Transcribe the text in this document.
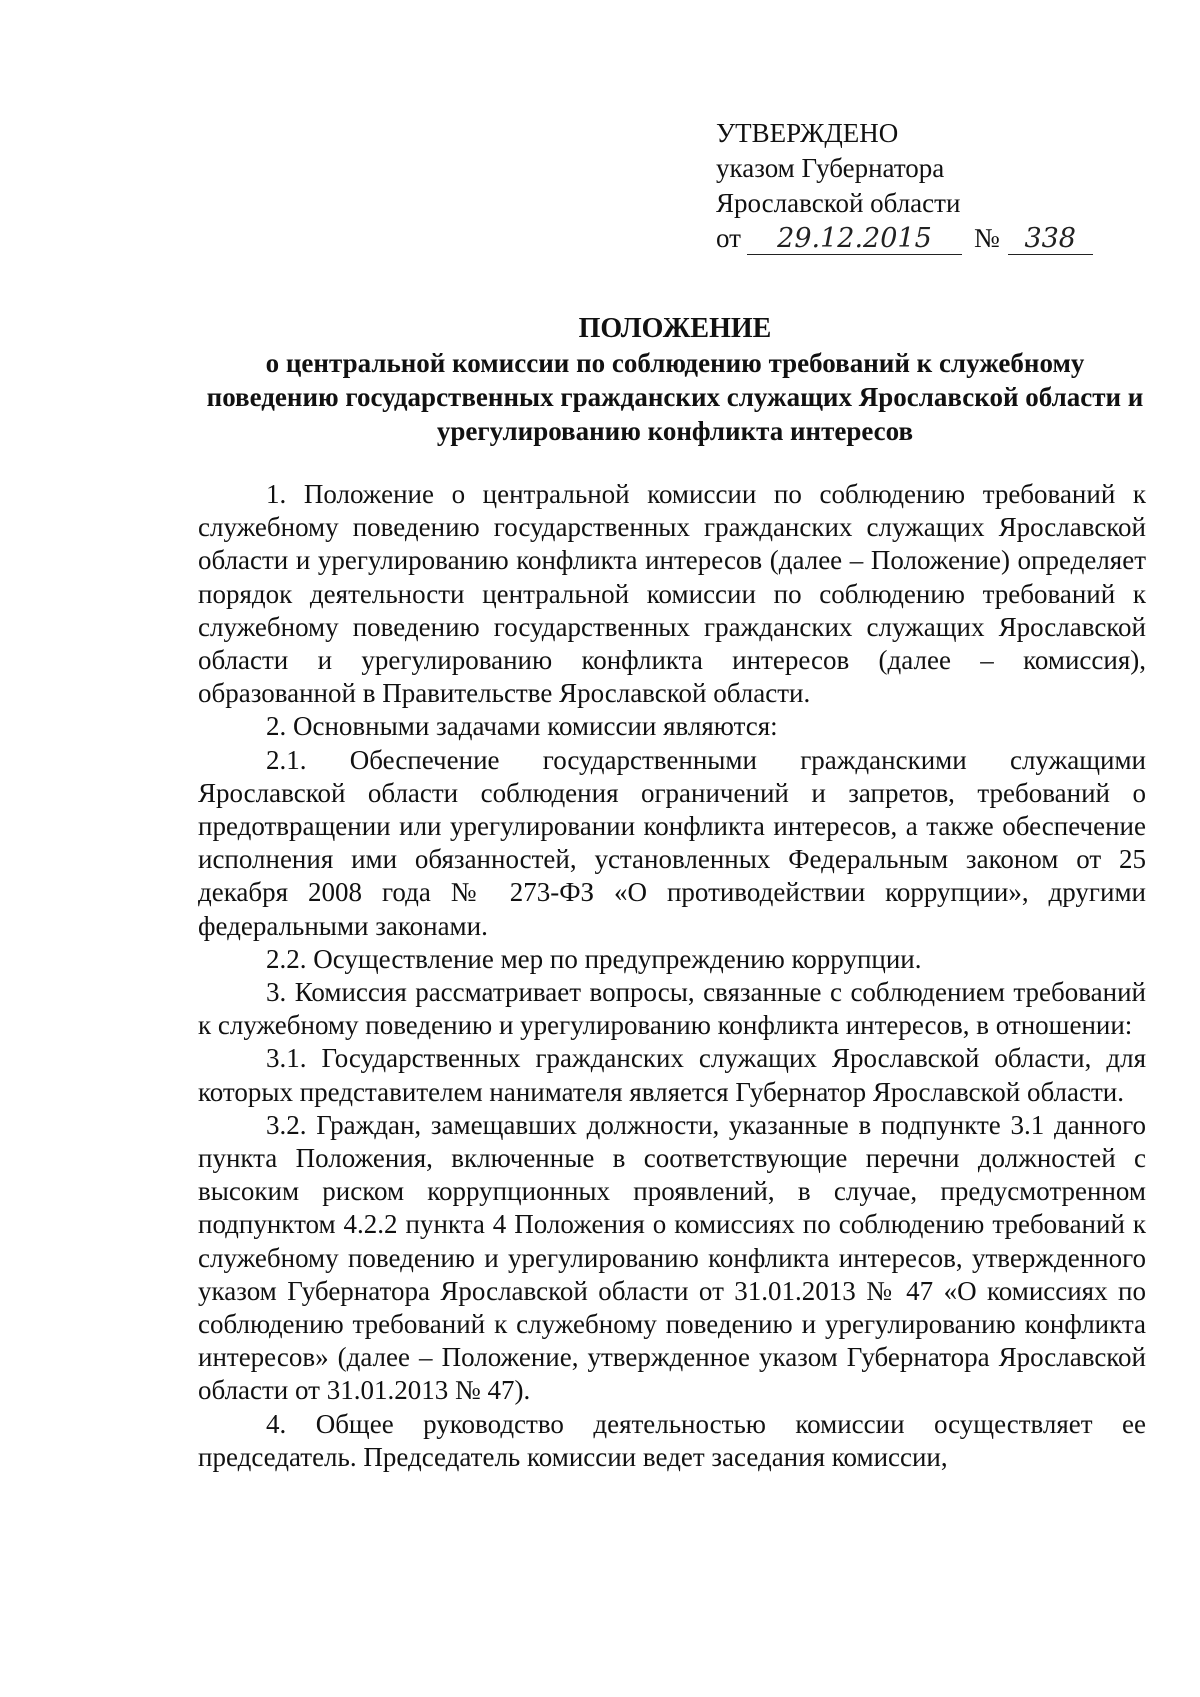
УТВЕРЖДЕНО
указом Губернатора
Ярославской области
от 29.12.2015 № 338
ПОЛОЖЕНИЕ
о центральной комиссии по соблюдению требований к служебному поведению государственных гражданских служащих Ярославской области и урегулированию конфликта интересов

1. Положение о центральной комиссии по соблюдению требований к служебному поведению государственных гражданских служащих Ярославской области и урегулированию конфликта интересов (далее – Положение) определяет порядок деятельности центральной комиссии по соблюдению требований к служебному поведению государственных гражданских служащих Ярославской области и урегулированию конфликта интересов (далее – комиссия), образованной в Правительстве Ярославской области.

2. Основными задачами комиссии являются:

2.1. Обеспечение государственными гражданскими служащими Ярославской области соблюдения ограничений и запретов, требований о предотвращении или урегулировании конфликта интересов, а также обеспечение исполнения ими обязанностей, установленных Федеральным законом от 25 декабря 2008 года № 273-ФЗ «О противодействии коррупции», другими федеральными законами.

2.2. Осуществление мер по предупреждению коррупции.

3. Комиссия рассматривает вопросы, связанные с соблюдением требований к служебному поведению и урегулированию конфликта интересов, в отношении:

3.1. Государственных гражданских служащих Ярославской области, для которых представителем нанимателя является Губернатор Ярославской области.

3.2. Граждан, замещавших должности, указанные в подпункте 3.1 данного пункта Положения, включенные в соответствующие перечни должностей с высоким риском коррупционных проявлений, в случае, предусмотренном подпунктом 4.2.2 пункта 4 Положения о комиссиях по соблюдению требований к служебному поведению и урегулированию конфликта интересов, утвержденного указом Губернатора Ярославской области от 31.01.2013 № 47 «О комиссиях по соблюдению требований к служебному поведению и урегулированию конфликта интересов» (далее – Положение, утвержденное указом Губернатора Ярославской области от 31.01.2013 № 47).

4. Общее руководство деятельностью комиссии осуществляет ее председатель. Председатель комиссии ведет заседания комиссии,
